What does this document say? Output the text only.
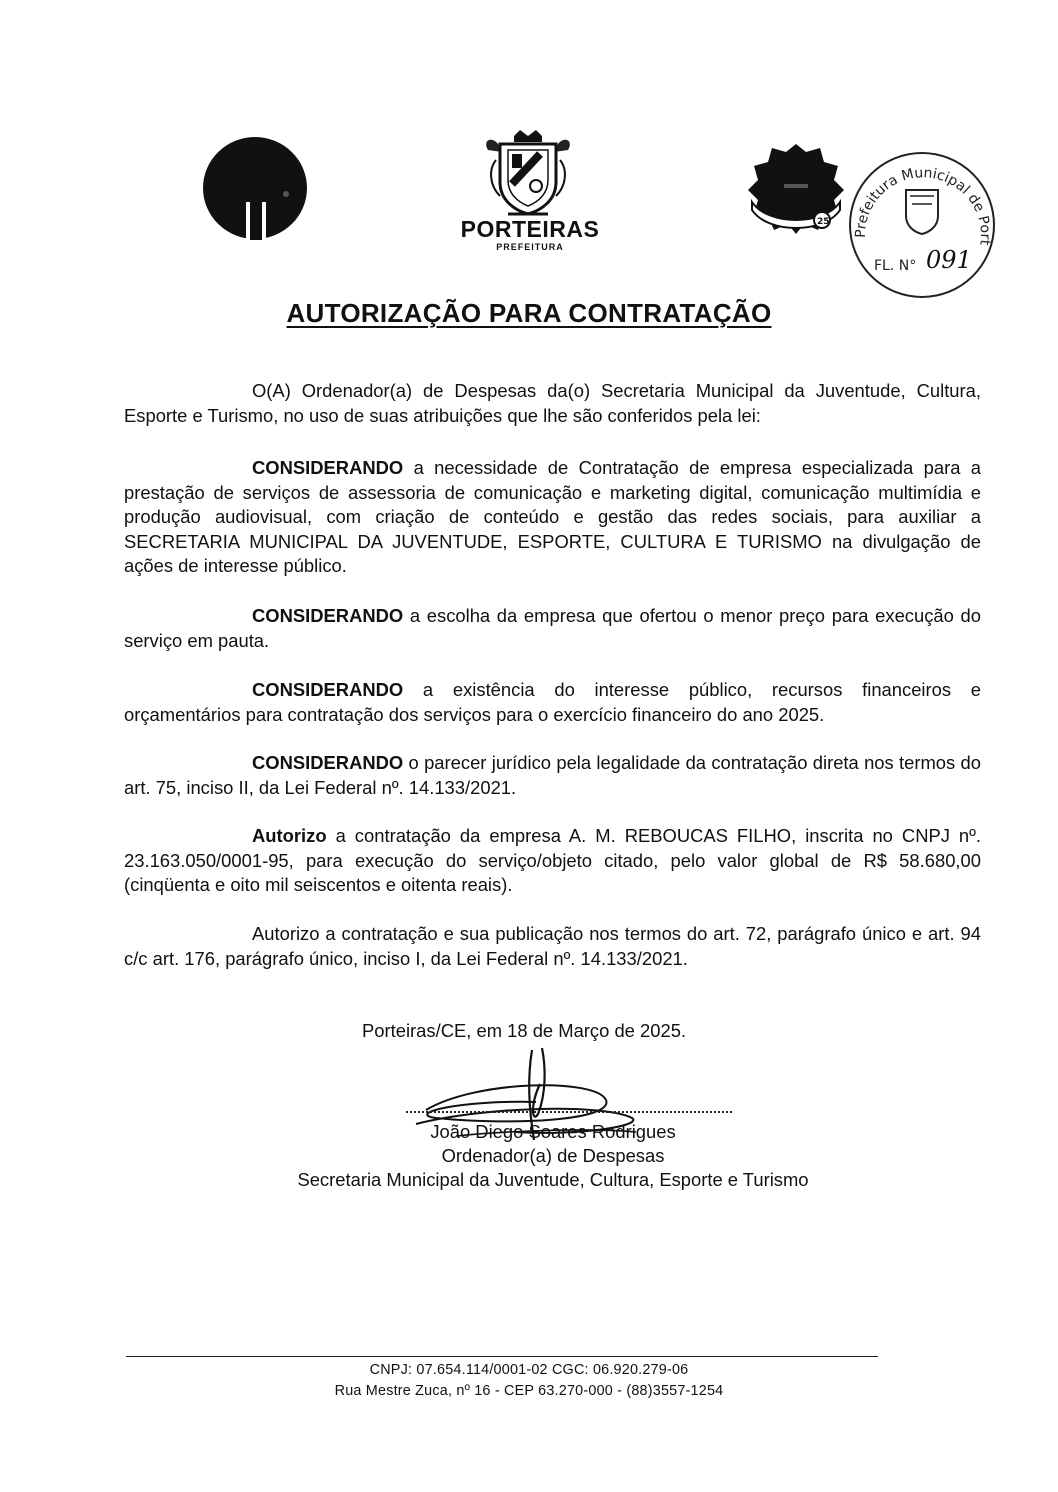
PORTEIRAS
PREFEITURA
25
Prefeitura Municipal de Port
FL. N° 091
AUTORIZAÇÃO PARA CONTRATAÇÃO

O(A) Ordenador(a) de Despesas da(o) Secretaria Municipal da Juventude, Cultura, Esporte e Turismo, no uso de suas atribuições que lhe são conferidos pela lei:

CONSIDERANDO a necessidade de Contratação de empresa especializada para a prestação de serviços de assessoria de comunicação e marketing digital, comunicação multimídia e produção audiovisual, com criação de conteúdo e gestão das redes sociais, para auxiliar a SECRETARIA MUNICIPAL DA JUVENTUDE, ESPORTE, CULTURA E TURISMO na divulgação de ações de interesse público.

CONSIDERANDO a escolha da empresa que ofertou o menor preço para execução do serviço em pauta.

CONSIDERANDO a existência do interesse público, recursos financeiros e orçamentários para contratação dos serviços para o exercício financeiro do ano 2025.

CONSIDERANDO o parecer jurídico pela legalidade da contratação direta nos termos do art. 75, inciso II, da Lei Federal nº. 14.133/2021.

Autorizo a contratação da empresa A. M. REBOUCAS FILHO, inscrita no CNPJ nº. 23.163.050/0001-95, para execução do serviço/objeto citado, pelo valor global de R$ 58.680,00 (cinqüenta e oito mil seiscentos e oitenta reais).

Autorizo a contratação e sua publicação nos termos do art. 72, parágrafo único e art. 94 c/c art. 176, parágrafo único, inciso I, da Lei Federal nº. 14.133/2021.

Porteiras/CE, em 18 de Março de 2025.
João Diego Soares Rodrigues
Ordenador(a) de Despesas
Secretaria Municipal da Juventude, Cultura, Esporte e Turismo
CNPJ: 07.654.114/0001-02 CGC: 06.920.279-06
Rua Mestre Zuca, nº 16 - CEP 63.270-000 - (88)3557-1254
